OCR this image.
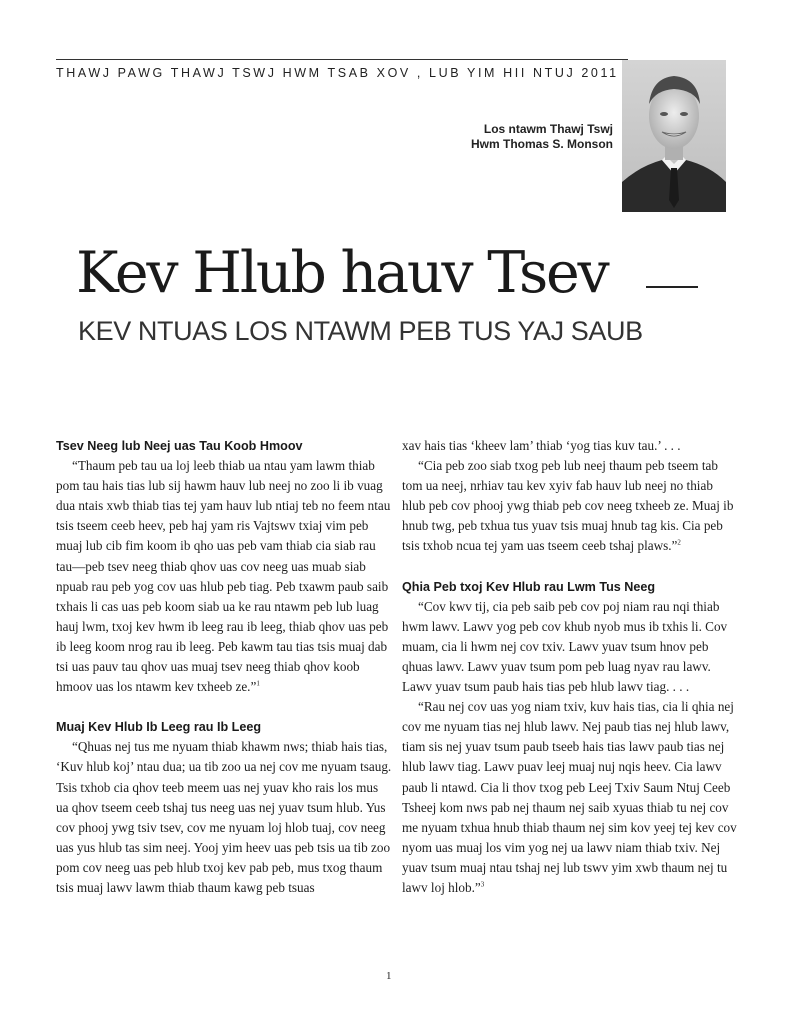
THAWJ PAWG THAWJ TSWJ HWM TSAB XOV , LUB YIM HII NTUJ 2011
Los ntawm Thawj Tswj
Hwm Thomas S. Monson
Kev Hlub hauv Tsev
KEV NTUAS LOS NTAWM PEB TUS YAJ SAUB
Tsev Neeg lub Neej uas Tau Koob Hmoov

“Thaum peb tau ua loj leeb thiab ua ntau yam lawm thiab pom tau hais tias lub sij hawm hauv lub neej no zoo li ib vuag dua ntais xwb thiab tias tej yam hauv lub ntiaj teb no feem ntau tsis tseem ceeb heev, peb haj yam ris Vajtswv txiaj vim peb muaj lub cib fim koom ib qho uas peb vam thiab cia siab rau tau—peb tsev neeg thiab qhov uas cov neeg uas muab siab npuab rau peb yog cov uas hlub peb tiag. Peb txawm paub saib txhais li cas uas peb koom siab ua ke rau ntawm peb lub luag hauj lwm, txoj kev hwm ib leeg rau ib leeg, thiab qhov uas peb ib leeg koom nrog rau ib leeg. Peb kawm tau tias tsis muaj dab tsi uas pauv tau qhov uas muaj tsev neeg thiab qhov koob hmoov uas los ntawm kev txheeb ze.”$^1$

Muaj Kev Hlub Ib Leeg rau Ib Leeg

“Qhuas nej tus me nyuam thiab khawm nws; thiab hais tias, ‘Kuv hlub koj’ ntau dua; ua tib zoo ua nej cov me nyuam tsaug. Tsis txhob cia qhov teeb meem uas nej yuav kho rais los mus ua qhov tseem ceeb tshaj tus neeg uas nej yuav tsum hlub. Yus cov phooj ywg tsiv tsev, cov me nyuam loj hlob tuaj, cov neeg uas yus hlub tas sim neej. Yooj yim heev uas peb tsis ua tib zoo pom cov neeg uas peb hlub txoj kev pab peb, mus txog thaum tsis muaj lawv lawm thiab thaum kawg peb tsuas

xav hais tias ‘kheev lam’ thiab ‘yog tias kuv tau.’ . . .

“Cia peb zoo siab txog peb lub neej thaum peb tseem tab tom ua neej, nrhiav tau kev xyiv fab hauv lub neej no thiab hlub peb cov phooj ywg thiab peb cov neeg txheeb ze. Muaj ib hnub twg, peb txhua tus yuav tsis muaj hnub tag kis. Cia peb tsis txhob ncua tej yam uas tseem ceeb tshaj plaws.”$^2$

Qhia Peb txoj Kev Hlub rau Lwm Tus Neeg

“Cov kwv tij, cia peb saib peb cov poj niam rau nqi thiab hwm lawv. Lawv yog peb cov khub nyob mus ib txhis li. Cov muam, cia li hwm nej cov txiv. Lawv yuav tsum hnov peb qhuas lawv. Lawv yuav tsum pom peb luag nyav rau lawv. Lawv yuav tsum paub hais tias peb hlub lawv tiag. . . .

“Rau nej cov uas yog niam txiv, kuv hais tias, cia li qhia nej cov me nyuam tias nej hlub lawv. Nej paub tias nej hlub lawv, tiam sis nej yuav tsum paub tseeb hais tias lawv paub tias nej hlub lawv tiag. Lawv puav leej muaj nuj nqis heev. Cia lawv paub li ntawd. Cia li thov txog peb Leej Txiv Saum Ntuj Ceeb Tsheej kom nws pab nej thaum nej saib xyuas thiab tu nej cov me nyuam txhua hnub thiab thaum nej sim kov yeej tej kev cov nyom uas muaj los vim yog nej ua lawv niam thiab txiv. Nej yuav tsum muaj ntau tshaj nej lub tswv yim xwb thaum nej tu lawv loj hlob.”$^3$

1
